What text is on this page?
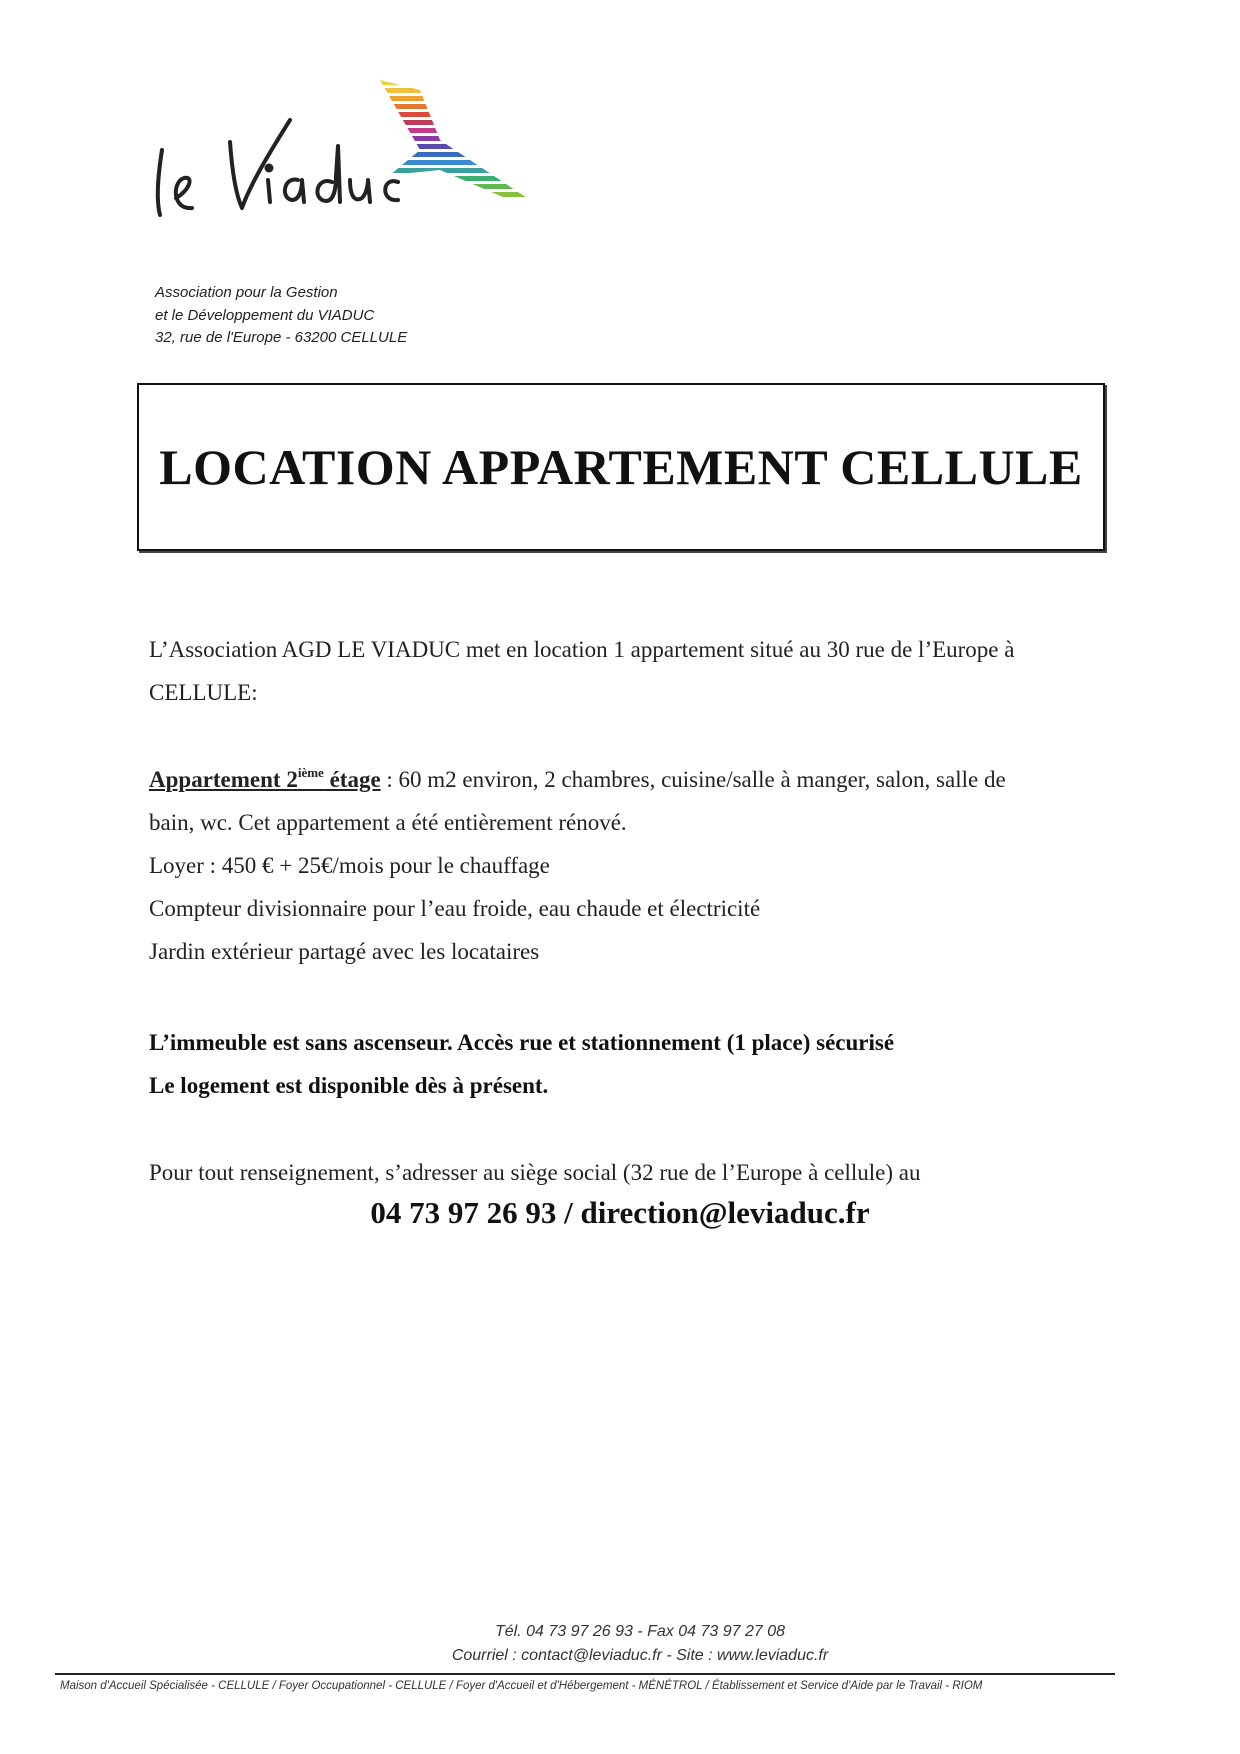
Association pour la Gestion
et le Développement du VIADUC
32, rue de l'Europe - 63200 CELLULE
LOCATION APPARTEMENT CELLULE
L’Association AGD LE VIADUC met en location 1 appartement situé au 30 rue de l’Europe à
CELLULE:
Appartement 2ième étage : 60 m2 environ, 2 chambres, cuisine/salle à manger, salon, salle de
bain, wc. Cet appartement a été entièrement rénové.
Loyer : 450 € + 25€/mois pour le chauffage
Compteur divisionnaire pour l’eau froide, eau chaude et électricité
Jardin extérieur partagé avec les locataires
L’immeuble est sans ascenseur. Accès rue et stationnement (1 place) sécurisé
Le logement est disponible dès à présent.
Pour tout renseignement, s’adresser au siège social (32 rue de l’Europe à cellule) au
04 73 97 26 93 / direction@leviaduc.fr
Tél. 04 73 97 26 93 - Fax 04 73 97 27 08
Courriel : contact@leviaduc.fr - Site : www.leviaduc.fr
Maison d'Accueil Spécialisée - CELLULE / Foyer Occupationnel - CELLULE / Foyer d'Accueil et d'Hébergement - MÉNÉTROL / Établissement et Service d'Aide par le Travail - RIOM
